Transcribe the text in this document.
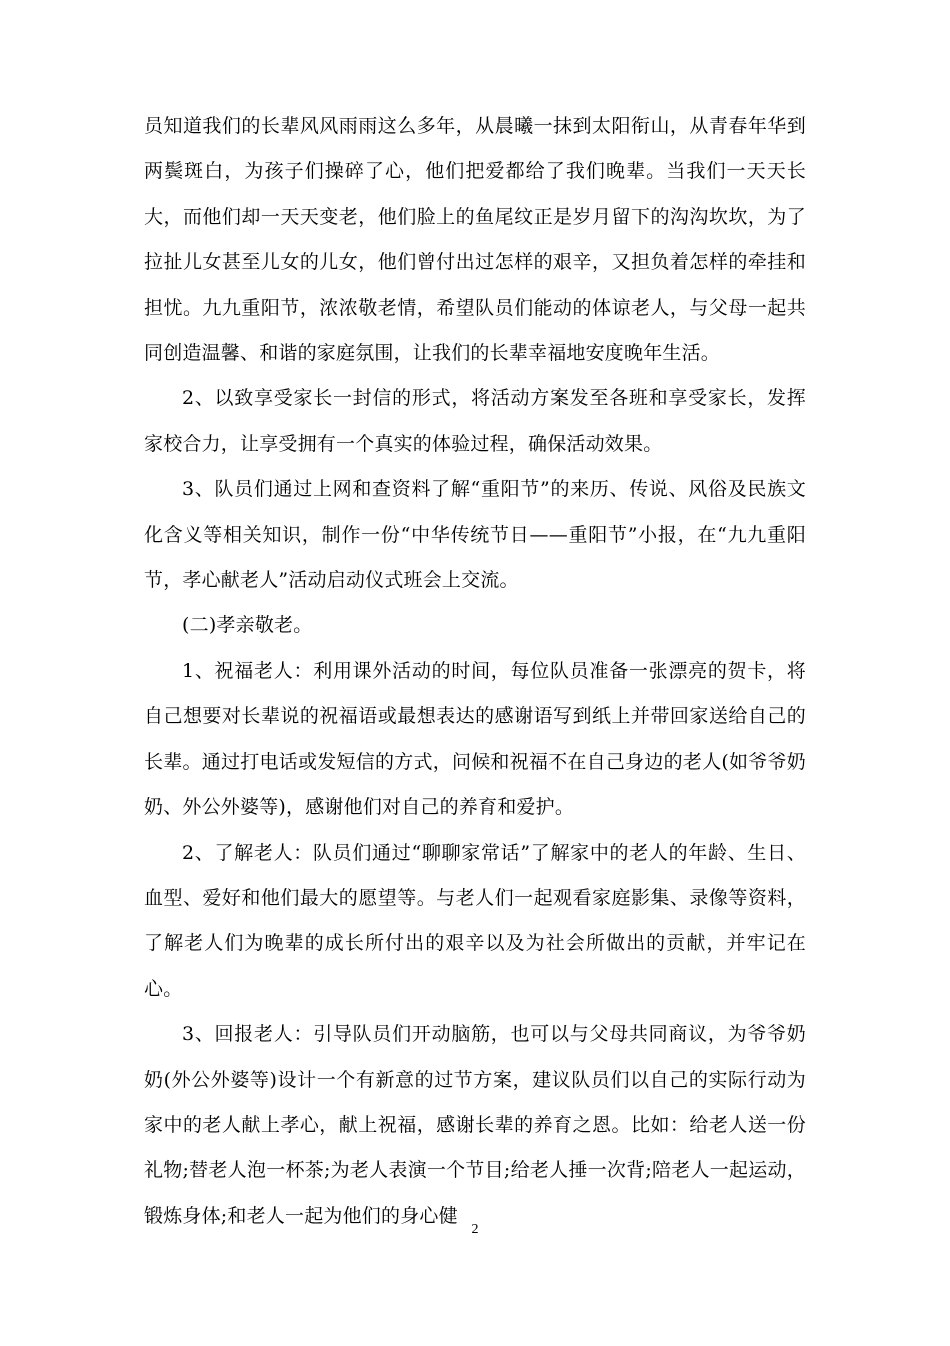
员知道我们的长辈风风雨雨这么多年，从晨曦一抹到太阳衔山，从青春年华到两鬓斑白，为孩子们操碎了心，他们把爱都给了我们晚辈。当我们一天天长大，而他们却一天天变老，他们脸上的鱼尾纹正是岁月留下的沟沟坎坎，为了拉扯儿女甚至儿女的儿女，他们曾付出过怎样的艰辛，又担负着怎样的牵挂和担忧。九九重阳节，浓浓敬老情，希望队员们能动的体谅老人，与父母一起共同创造温馨、和谐的家庭氛围，让我们的长辈幸福地安度晚年生活。

2、以致享受家长一封信的形式，将活动方案发至各班和享受家长，发挥家校合力，让享受拥有一个真实的体验过程，确保活动效果。

3、队员们通过上网和查资料了解“重阳节”的来历、传说、风俗及民族文化含义等相关知识，制作一份“中华传统节日——重阳节”小报，在“九九重阳节，孝心献老人”活动启动仪式班会上交流。

(二)孝亲敬老。

1、祝福老人：利用课外活动的时间，每位队员准备一张漂亮的贺卡，将自己想要对长辈说的祝福语或最想表达的感谢语写到纸上并带回家送给自己的长辈。通过打电话或发短信的方式，问候和祝福不在自己身边的老人(如爷爷奶奶、外公外婆等)，感谢他们对自己的养育和爱护。

2、了解老人：队员们通过“聊聊家常话”了解家中的老人的年龄、生日、血型、爱好和他们最大的愿望等。与老人们一起观看家庭影集、录像等资料，了解老人们为晚辈的成长所付出的艰辛以及为社会所做出的贡献，并牢记在心。

3、回报老人：引导队员们开动脑筋，也可以与父母共同商议，为爷爷奶奶(外公外婆等)设计一个有新意的过节方案，建议队员们以自己的实际行动为家中的老人献上孝心，献上祝福，感谢长辈的养育之恩。比如：给老人送一份礼物;替老人泡一杯茶;为老人表演一个节目;给老人捶一次背;陪老人一起运动，锻炼身体;和老人一起为他们的身心健

2
